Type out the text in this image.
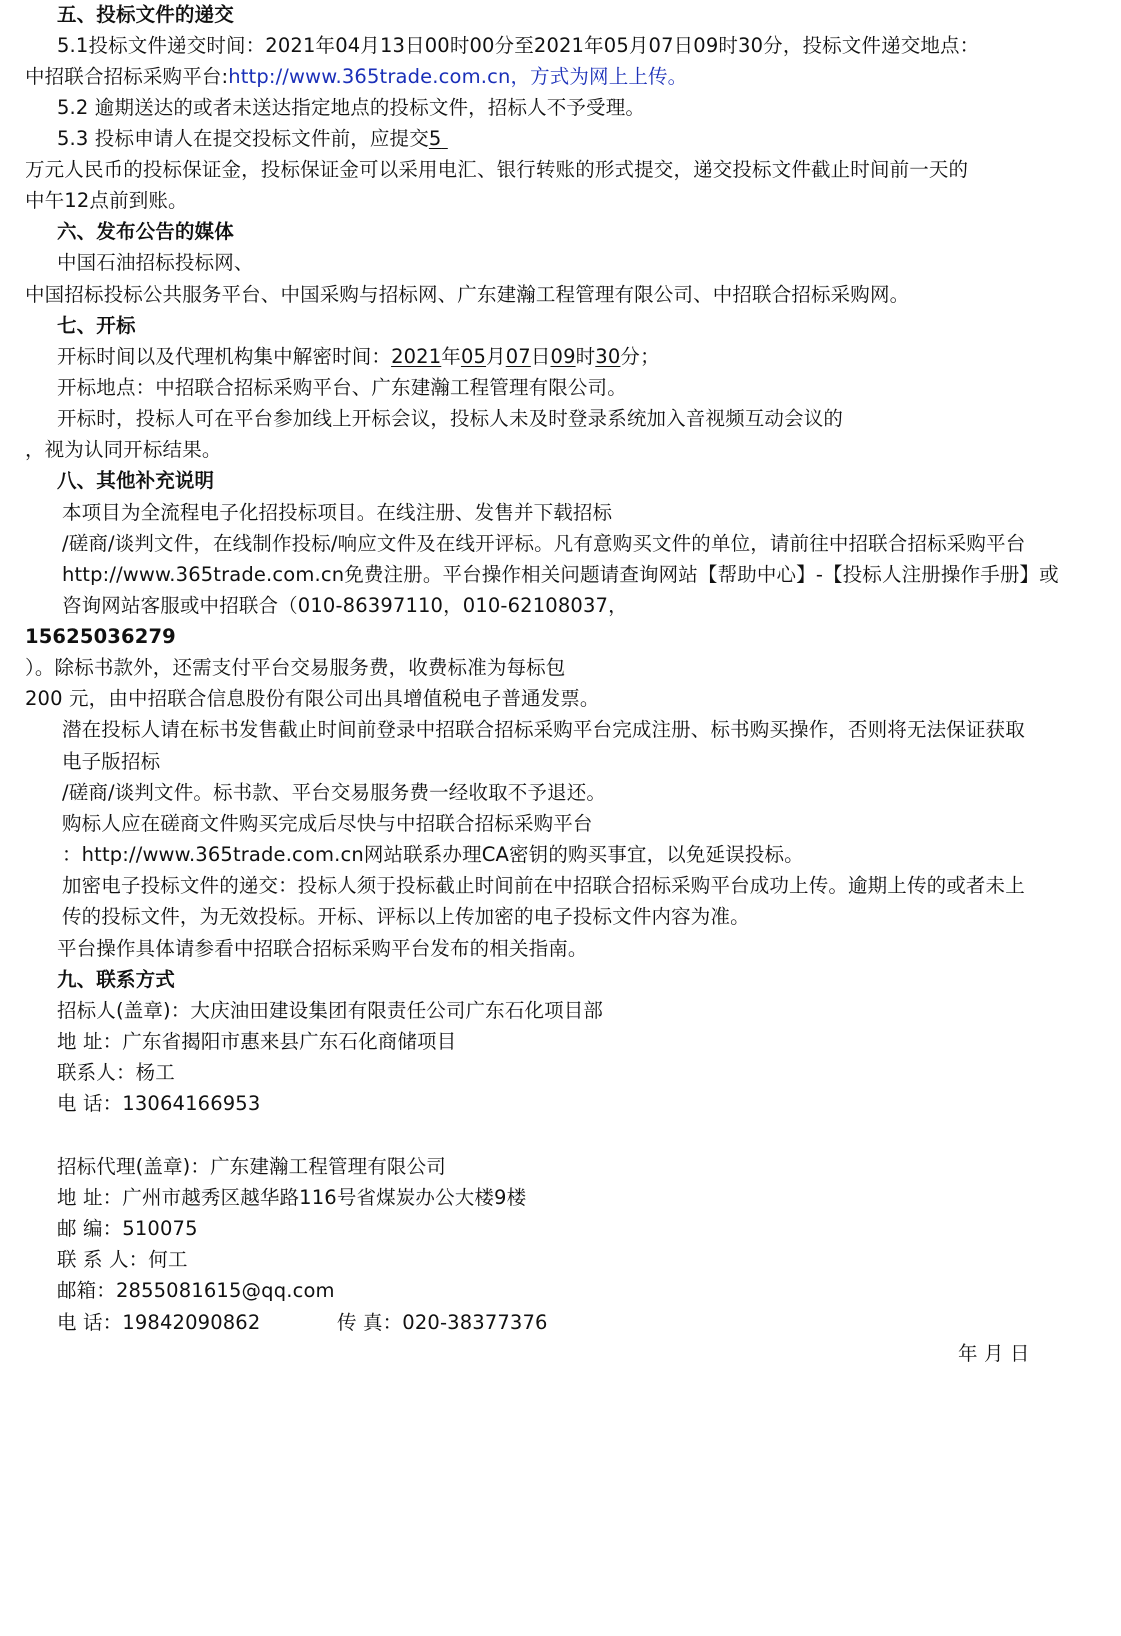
五、投标文件的递交
5.1投标文件递交时间：2021年04月13日00时00分至2021年05月07日09时30分，投标文件递交地点：
中招联合招标采购平台:http://www.365trade.com.cn，方式为网上上传。
5.2 逾期送达的或者未送达指定地点的投标文件，招标人不予受理。
5.3 投标申请人在提交投标文件前，应提交5
万元人民币的投标保证金，投标保证金可以采用电汇、银行转账的形式提交，递交投标文件截止时间前一天的
中午12点前到账。
六、发布公告的媒体
中国石油招标投标网、
中国招标投标公共服务平台、中国采购与招标网、广东建瀚工程管理有限公司、中招联合招标采购网。
七、开标
开标时间以及代理机构集中解密时间：2021年05月07日09时30分；
开标地点：中招联合招标采购平台、广东建瀚工程管理有限公司。
开标时，投标人可在平台参加线上开标会议，投标人未及时登录系统加入音视频互动会议的
，视为认同开标结果。
八、其他补充说明
本项目为全流程电子化招投标项目。在线注册、发售并下载招标
/磋商/谈判文件，在线制作投标/响应文件及在线开评标。凡有意购买文件的单位，请前往中招联合招标采购平台
http://www.365trade.com.cn免费注册。平台操作相关问题请查询网站【帮助中心】-【投标人注册操作手册】或
咨询网站客服或中招联合（010-86397110，010-62108037，
15625036279
）。除标书款外，还需支付平台交易服务费，收费标准为每标包
200 元，由中招联合信息股份有限公司出具增值税电子普通发票。
潜在投标人请在标书发售截止时间前登录中招联合招标采购平台完成注册、标书购买操作，否则将无法保证获取
电子版招标
/磋商/谈判文件。标书款、平台交易服务费一经收取不予退还。
购标人应在磋商文件购买完成后尽快与中招联合招标采购平台
：http://www.365trade.com.cn网站联系办理CA密钥的购买事宜，以免延误投标。
加密电子投标文件的递交：投标人须于投标截止时间前在中招联合招标采购平台成功上传。逾期上传的或者未上
传的投标文件，为无效投标。开标、评标以上传加密的电子投标文件内容为准。
平台操作具体请参看中招联合招标采购平台发布的相关指南。
九、联系方式
招标人(盖章)：大庆油田建设集团有限责任公司广东石化项目部
地 址：广东省揭阳市惠来县广东石化商储项目
联系人：杨工
电 话：13064166953
招标代理(盖章)：广东建瀚工程管理有限公司
地 址：广州市越秀区越华路116号省煤炭办公大楼9楼
邮 编：510075
联 系 人：何工
邮箱：2855081615@qq.com
电 话：19842090862	传 真：020-38377376
年 月 日
